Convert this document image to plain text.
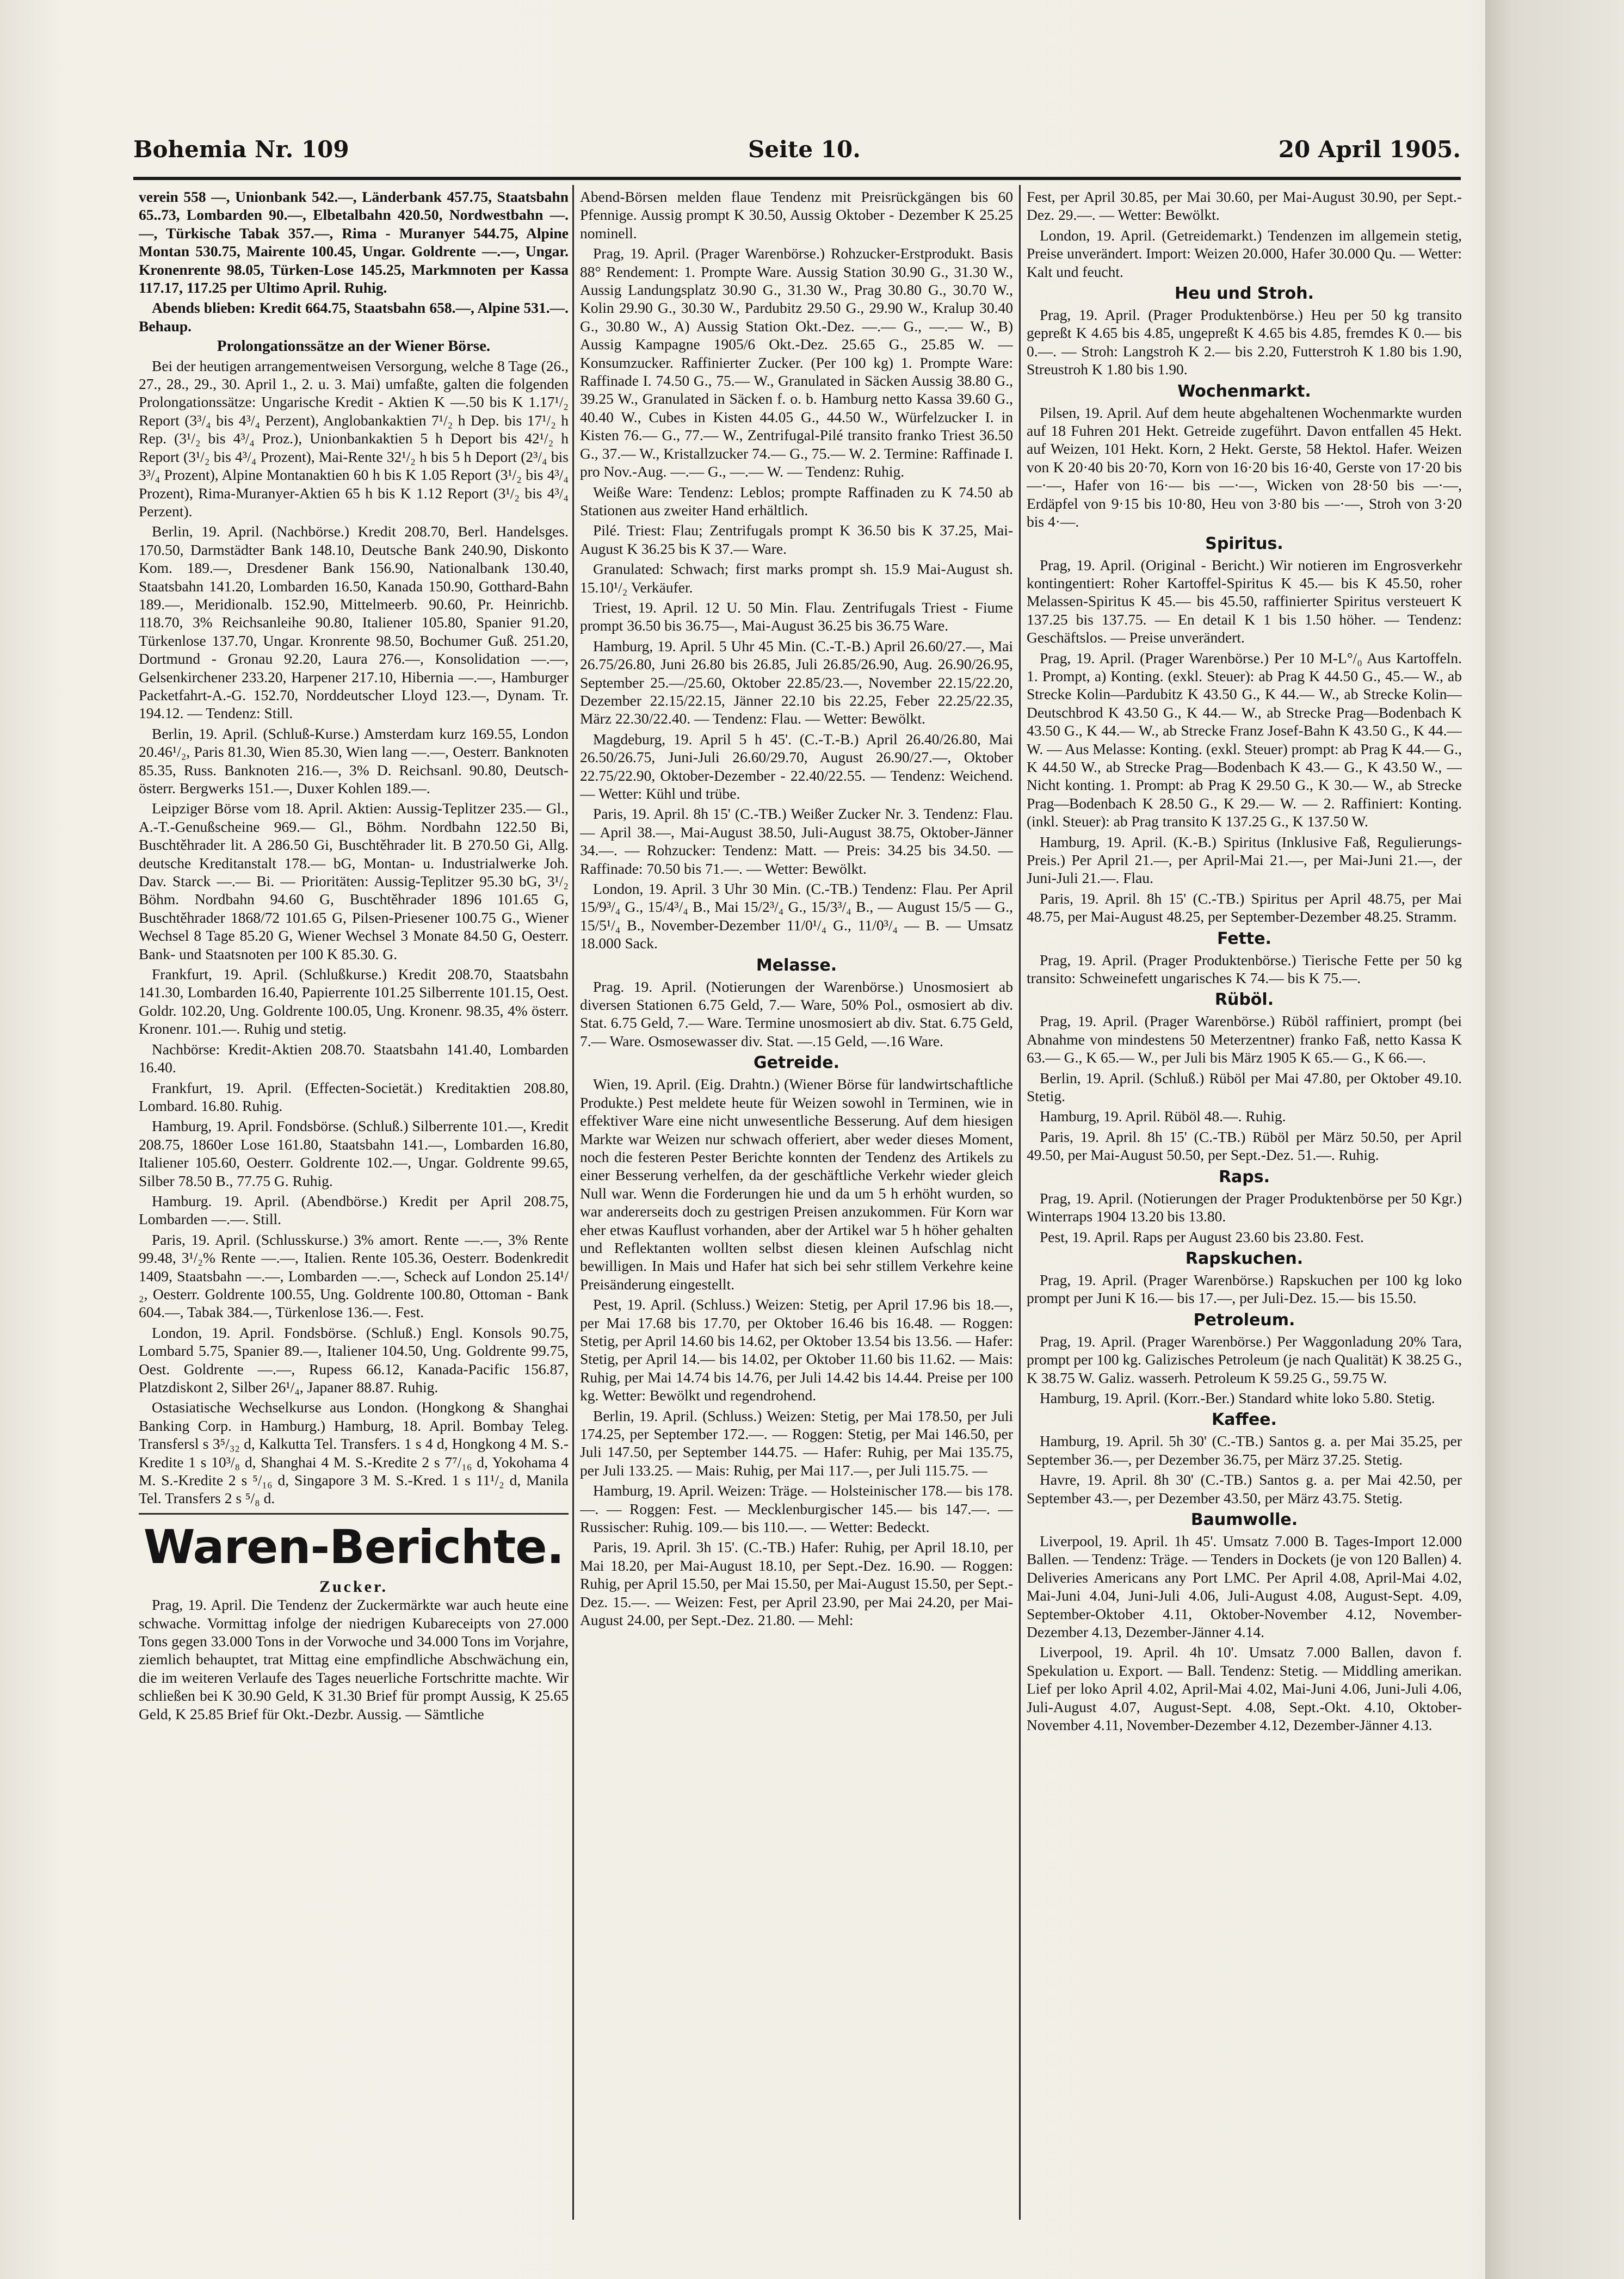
Bohemia Nr. 109	Seite 10.	20 April 1905.

verein 558 —, Unionbank 542.—, Länderbank 457.75, Staatsbahn 65..73, Lombarden 90.—, Elbetalbahn 420.50, Nordwestbahn —.—, Türkische Tabak 357.—, Rima - Muranyer 544.75, Alpine Montan 530.75, Mairente 100.45, Ungar. Goldrente —.—, Ungar. Kronenrente 98.05, Türken-Lose 145.25, Markmnoten per Kassa 117.17, 117.25 per Ultimo April. Ruhig.

Abends blieben: Kredit 664.75, Staatsbahn 658.—, Alpine 531.—. Behaup.

Prolongationssätze an der Wiener Börse.

Bei der heutigen arrangementweisen Versorgung, welche 8 Tage (26., 27., 28., 29., 30. April 1., 2. u. 3. Mai) umfaßte, galten die folgenden Prolongationssätze: Ungarische Kredit - Aktien K —.50 bis K 1.17¹/₂ Report (3³/₄ bis 4³/₄ Perzent), Anglobankaktien 7¹/₂ h Dep. bis 17¹/₂ h Rep. (3¹/₂ bis 4³/₄ Proz.), Unionbankaktien 5 h Deport bis 42¹/₂ h Report (3¹/₂ bis 4³/₄ Prozent), Mai-Rente 32¹/₂ h bis 5 h Deport (2³/₄ bis 3³/₄ Prozent), Alpine Montanaktien 60 h bis K 1.05 Report (3¹/₂ bis 4³/₄ Prozent), Rima-Muranyer-Aktien 65 h bis K 1.12 Report (3¹/₂ bis 4³/₄ Perzent).

Berlin, 19. April. (Nachbörse.) Kredit 208.70, Berl. Handelsges. 170.50, Darmstädter Bank 148.10, Deutsche Bank 240.90, Diskonto Kom. 189.—, Dresdener Bank 156.90, Nationalbank 130.40, Staatsbahn 141.20, Lombarden 16.50, Kanada 150.90, Gotthard-Bahn 189.—, Meridionalb. 152.90, Mittelmeerb. 90.60, Pr. Heinrichb. 118.70, 3% Reichsanleihe 90.80, Italiener 105.80, Spanier 91.20, Türkenlose 137.70, Ungar. Kronrente 98.50, Bochumer Guß. 251.20, Dortmund - Gronau 92.20, Laura 276.—, Konsolidation —.—, Gelsenkirchener 233.20, Harpener 217.10, Hibernia —.—, Hamburger Packetfahrt-A.-G. 152.70, Norddeutscher Lloyd 123.—, Dynam. Tr. 194.12. — Tendenz: Still.

Berlin, 19. April. (Schluß-Kurse.) Amsterdam kurz 169.55, London 20.46¹/₂, Paris 81.30, Wien 85.30, Wien lang —.—, Oesterr. Banknoten 85.35, Russ. Banknoten 216.—, 3% D. Reichsanl. 90.80, Deutsch-österr. Bergwerks 151.—, Duxer Kohlen 189.—.

Leipziger Börse vom 18. April. Aktien: Aussig-Teplitzer 235.— Gl., A.-T.-Genußscheine 969.— Gl., Böhm. Nordbahn 122.50 Bi, Buschtěhrader lit. A 286.50 Gi, Buschtěhrader lit. B 270.50 Gi, Allg. deutsche Kreditanstalt 178.— bG, Montan- u. Industrialwerke Joh. Dav. Starck —.— Bi. — Prioritäten: Aussig-Teplitzer 95.30 bG, 3¹/₂ Böhm. Nordbahn 94.60 G, Buschtěhrader 1896 101.65 G, Buschtěhrader 1868/72 101.65 G, Pilsen-Priesener 100.75 G., Wiener Wechsel 8 Tage 85.20 G, Wiener Wechsel 3 Monate 84.50 G, Oesterr. Bank- und Staatsnoten per 100 K 85.30. G.

Frankfurt, 19. April. (Schlußkurse.) Kredit 208.70, Staatsbahn 141.30, Lombarden 16.40, Papierrente 101.25 Silberrente 101.15, Oest. Goldr. 102.20, Ung. Goldrente 100.05, Ung. Kronenr. 98.35, 4% österr. Kronenr. 101.—. Ruhig und stetig.

Nachbörse: Kredit-Aktien 208.70. Staatsbahn 141.40, Lombarden 16.40.

Frankfurt, 19. April. (Effecten-Societät.) Kreditaktien 208.80, Lombard. 16.80. Ruhig.

Hamburg, 19. April. Fondsbörse. (Schluß.) Silberrente 101.—, Kredit 208.75, 1860er Lose 161.80, Staatsbahn 141.—, Lombarden 16.80, Italiener 105.60, Oesterr. Goldrente 102.—, Ungar. Goldrente 99.65, Silber 78.50 B., 77.75 G. Ruhig.

Hamburg. 19. April. (Abendbörse.) Kredit per April 208.75, Lombarden —.—. Still.

Paris, 19. April. (Schlusskurse.) 3% amort. Rente —.—, 3% Rente 99.48, 3¹/₂% Rente —.—, Italien. Rente 105.36, Oesterr. Bodenkredit 1409, Staatsbahn —.—, Lombarden —.—, Scheck auf London 25.14¹/₂, Oesterr. Goldrente 100.55, Ung. Goldrente 100.80, Ottoman - Bank 604.—, Tabak 384.—, Türkenlose 136.—. Fest.

London, 19. April. Fondsbörse. (Schluß.) Engl. Konsols 90.75, Lombard 5.75, Spanier 89.—, Italiener 104.50, Ung. Goldrente 99.75, Oest. Goldrente —.—, Rupess 66.12, Kanada-Pacific 156.87, Platzdiskont 2, Silber 26¹/₄, Japaner 88.87. Ruhig.

Ostasiatische Wechselkurse aus London. (Hongkong & Shanghai Banking Corp. in Hamburg.) Hamburg, 18. April. Bombay Teleg. Transfersl s 3⁵/₃₂ d, Kalkutta Tel. Transfers. 1 s 4 d, Hongkong 4 M. S.-Kredite 1 s 10³/₈ d, Shanghai 4 M. S.-Kredite 2 s 7⁷/₁₆ d, Yokohama 4 M. S.-Kredite 2 s ⁵/₁₆ d, Singapore 3 M. S.-Kred. 1 s 11¹/₂ d, Manila Tel. Transfers 2 s ⁵/₈ d.

Waren-Berichte.
Zucker.

Prag, 19. April. Die Tendenz der Zuckermärkte war auch heute eine schwache. Vormittag infolge der niedrigen Kubareceipts von 27.000 Tons gegen 33.000 Tons in der Vorwoche und 34.000 Tons im Vorjahre, ziemlich behauptet, trat Mittag eine empfindliche Abschwächung ein, die im weiteren Verlaufe des Tages neuerliche Fortschritte machte. Wir schließen bei K 30.90 Geld, K 31.30 Brief für prompt Aussig, K 25.65 Geld, K 25.85 Brief für Okt.-Dezbr. Aussig. — Sämtliche

Abend-Börsen melden flaue Tendenz mit Preisrückgängen bis 60 Pfennige. Aussig prompt K 30.50, Aussig Oktober - Dezember K 25.25 nominell.

Prag, 19. April. (Prager Warenbörse.) Rohzucker-Erstprodukt. Basis 88° Rendement: 1. Prompte Ware. Aussig Station 30.90 G., 31.30 W., Aussig Landungsplatz 30.90 G., 31.30 W., Prag 30.80 G., 30.70 W., Kolin 29.90 G., 30.30 W., Pardubitz 29.50 G., 29.90 W., Kralup 30.40 G., 30.80 W., A) Aussig Station Okt.-Dez. —.— G., —.— W., B) Aussig Kampagne 1905/6 Okt.-Dez. 25.65 G., 25.85 W. — Konsumzucker. Raffinierter Zucker. (Per 100 kg) 1. Prompte Ware: Raffinade I. 74.50 G., 75.— W., Granulated in Säcken Aussig 38.80 G., 39.25 W., Granulated in Säcken f. o. b. Hamburg netto Kassa 39.60 G., 40.40 W., Cubes in Kisten 44.05 G., 44.50 W., Würfelzucker I. in Kisten 76.— G., 77.— W., Zentrifugal-Pilé transito franko Triest 36.50 G., 37.— W., Kristallzucker 74.— G., 75.— W. 2. Termine: Raffinade I. pro Nov.-Aug. —.— G., —.— W. — Tendenz: Ruhig.

Weiße Ware: Tendenz: Leblos; prompte Raffinaden zu K 74.50 ab Stationen aus zweiter Hand erhältlich.

Pilé. Triest: Flau; Zentrifugals prompt K 36.50 bis K 37.25, Mai-August K 36.25 bis K 37.— Ware.

Granulated: Schwach; first marks prompt sh. 15.9 Mai-August sh. 15.10¹/₂ Verkäufer.

Triest, 19. April. 12 U. 50 Min. Flau. Zentrifugals Triest - Fiume prompt 36.50 bis 36.75—, Mai-August 36.25 bis 36.75 Ware.

Hamburg, 19. April. 5 Uhr 45 Min. (C.-T.-B.) April 26.60/27.—, Mai 26.75/26.80, Juni 26.80 bis 26.85, Juli 26.85/26.90, Aug. 26.90/26.95, September 25.—/25.60, Oktober 22.85/23.—, November 22.15/22.20, Dezember 22.15/22.15, Jänner 22.10 bis 22.25, Feber 22.25/22.35, März 22.30/22.40. — Tendenz: Flau. — Wetter: Bewölkt.

Magdeburg, 19. April 5 h 45'. (C.-T.-B.) April 26.40/26.80, Mai 26.50/26.75, Juni-Juli 26.60/29.70, August 26.90/27.—, Oktober 22.75/22.90, Oktober-Dezember - 22.40/22.55. — Tendenz: Weichend. — Wetter: Kühl und trübe.

Paris, 19. April. 8h 15' (C.-TB.) Weißer Zucker Nr. 3. Tendenz: Flau. — April 38.—, Mai-August 38.50, Juli-August 38.75, Oktober-Jänner 34.—. — Rohzucker: Tendenz: Matt. — Preis: 34.25 bis 34.50. — Raffinade: 70.50 bis 71.—. — Wetter: Bewölkt.

London, 19. April. 3 Uhr 30 Min. (C.-TB.) Tendenz: Flau. Per April 15/9³/₄ G., 15/4³/₄ B., Mai 15/2³/₄ G., 15/3³/₄ B., — August 15/5 — G., 15/5¹/₄ B., November-Dezember 11/0¹/₄ G., 11/0³/₄ — B. — Umsatz 18.000 Sack.

Melasse.

Prag. 19. April. (Notierungen der Warenbörse.) Unosmosiert ab diversen Stationen 6.75 Geld, 7.— Ware, 50% Pol., osmosiert ab div. Stat. 6.75 Geld, 7.— Ware. Termine unosmosiert ab div. Stat. 6.75 Geld, 7.— Ware. Osmosewasser div. Stat. —.15 Geld, —.16 Ware.

Getreide.

Wien, 19. April. (Eig. Drahtn.) (Wiener Börse für landwirtschaftliche Produkte.) Pest meldete heute für Weizen sowohl in Terminen, wie in effektiver Ware eine nicht unwesentliche Besserung. Auf dem hiesigen Markte war Weizen nur schwach offeriert, aber weder dieses Moment, noch die festeren Pester Berichte konnten der Tendenz des Artikels zu einer Besserung verhelfen, da der geschäftliche Verkehr wieder gleich Null war. Wenn die Forderungen hie und da um 5 h erhöht wurden, so war andererseits doch zu gestrigen Preisen anzukommen. Für Korn war eher etwas Kauflust vorhanden, aber der Artikel war 5 h höher gehalten und Reflektanten wollten selbst diesen kleinen Aufschlag nicht bewilligen. In Mais und Hafer hat sich bei sehr stillem Verkehre keine Preisänderung eingestellt.

Pest, 19. April. (Schluss.) Weizen: Stetig, per April 17.96 bis 18.—, per Mai 17.68 bis 17.70, per Oktober 16.46 bis 16.48. — Roggen: Stetig, per April 14.60 bis 14.62, per Oktober 13.54 bis 13.56. — Hafer: Stetig, per April 14.— bis 14.02, per Oktober 11.60 bis 11.62. — Mais: Ruhig, per Mai 14.74 bis 14.76, per Juli 14.42 bis 14.44. Preise per 100 kg. Wetter: Bewölkt und regendrohend.

Berlin, 19. April. (Schluss.) Weizen: Stetig, per Mai 178.50, per Juli 174.25, per September 172.—. — Roggen: Stetig, per Mai 146.50, per Juli 147.50, per September 144.75. — Hafer: Ruhig, per Mai 135.75, per Juli 133.25. — Mais: Ruhig, per Mai 117.—, per Juli 115.75. —

Hamburg, 19. April. Weizen: Träge. — Holsteinischer 178.— bis 178.—. — Roggen: Fest. — Mecklenburgischer 145.— bis 147.—. — Russischer: Ruhig. 109.— bis 110.—. — Wetter: Bedeckt.

Paris, 19. April. 3h 15'. (C.-TB.) Hafer: Ruhig, per April 18.10, per Mai 18.20, per Mai-August 18.10, per Sept.-Dez. 16.90. — Roggen: Ruhig, per April 15.50, per Mai 15.50, per Mai-August 15.50, per Sept.-Dez. 15.—. — Weizen: Fest, per April 23.90, per Mai 24.20, per Mai-August 24.00, per Sept.-Dez. 21.80. — Mehl:

Fest, per April 30.85, per Mai 30.60, per Mai-August 30.90, per Sept.-Dez. 29.—. — Wetter: Bewölkt.

London, 19. April. (Getreidemarkt.) Tendenzen im allgemein stetig, Preise unverändert. Import: Weizen 20.000, Hafer 30.000 Qu. — Wetter: Kalt und feucht.

Heu und Stroh.

Prag, 19. April. (Prager Produktenbörse.) Heu per 50 kg transito gepreßt K 4.65 bis 4.85, ungepreßt K 4.65 bis 4.85, fremdes K 0.— bis 0.—. — Stroh: Langstroh K 2.— bis 2.20, Futterstroh K 1.80 bis 1.90, Streustroh K 1.80 bis 1.90.

Wochenmarkt.

Pilsen, 19. April. Auf dem heute abgehaltenen Wochenmarkte wurden auf 18 Fuhren 201 Hekt. Getreide zugeführt. Davon entfallen 45 Hekt. auf Weizen, 101 Hekt. Korn, 2 Hekt. Gerste, 58 Hektol. Hafer. Weizen von K 20·40 bis 20·70, Korn von 16·20 bis 16·40, Gerste von 17·20 bis —·—, Hafer von 16·— bis —·—, Wicken von 28·50 bis —·—, Erdäpfel von 9·15 bis 10·80, Heu von 3·80 bis —·—, Stroh von 3·20 bis 4·—.

Spiritus.

Prag, 19. April. (Original - Bericht.) Wir notieren im Engrosverkehr kontingentiert: Roher Kartoffel-Spiritus K 45.— bis K 45.50, roher Melassen-Spiritus K 45.— bis 45.50, raffinierter Spiritus versteuert K 137.25 bis 137.75. — En detail K 1 bis 1.50 höher. — Tendenz: Geschäftslos. — Preise unverändert.

Prag, 19. April. (Prager Warenbörse.) Per 10 M-L°/₀ Aus Kartoffeln. 1. Prompt, a) Konting. (exkl. Steuer): ab Prag K 44.50 G., 45.— W., ab Strecke Kolin—Pardubitz K 43.50 G., K 44.— W., ab Strecke Kolin—Deutschbrod K 43.50 G., K 44.— W., ab Strecke Prag—Bodenbach K 43.50 G., K 44.— W., ab Strecke Franz Josef-Bahn K 43.50 G., K 44.— W. — Aus Melasse: Konting. (exkl. Steuer) prompt: ab Prag K 44.— G., K 44.50 W., ab Strecke Prag—Bodenbach K 43.— G., K 43.50 W., — Nicht konting. 1. Prompt: ab Prag K 29.50 G., K 30.— W., ab Strecke Prag—Bodenbach K 28.50 G., K 29.— W. — 2. Raffiniert: Konting. (inkl. Steuer): ab Prag transito K 137.25 G., K 137.50 W.

Hamburg, 19. April. (K.-B.) Spiritus (Inklusive Faß, Regulierungs-Preis.) Per April 21.—, per April-Mai 21.—, per Mai-Juni 21.—, der Juni-Juli 21.—. Flau.

Paris, 19. April. 8h 15' (C.-TB.) Spiritus per April 48.75, per Mai 48.75, per Mai-August 48.25, per September-Dezember 48.25. Stramm.

Fette.

Prag, 19. April. (Prager Produktenbörse.) Tierische Fette per 50 kg transito: Schweinefett ungarisches K 74.— bis K 75.—.

Rüböl.

Prag, 19. April. (Prager Warenbörse.) Rüböl raffiniert, prompt (bei Abnahme von mindestens 50 Meterzentner) franko Faß, netto Kassa K 63.— G., K 65.— W., per Juli bis März 1905 K 65.— G., K 66.—.

Berlin, 19. April. (Schluß.) Rüböl per Mai 47.80, per Oktober 49.10. Stetig.

Hamburg, 19. April. Rüböl 48.—. Ruhig.

Paris, 19. April. 8h 15' (C.-TB.) Rüböl per März 50.50, per April 49.50, per Mai-August 50.50, per Sept.-Dez. 51.—. Ruhig.

Raps.

Prag, 19. April. (Notierungen der Prager Produktenbörse per 50 Kgr.) Winterraps 1904 13.20 bis 13.80.

Pest, 19. April. Raps per August 23.60 bis 23.80. Fest.

Rapskuchen.

Prag, 19. April. (Prager Warenbörse.) Rapskuchen per 100 kg loko prompt per Juni K 16.— bis 17.—, per Juli-Dez. 15.— bis 15.50.

Petroleum.

Prag, 19. April. (Prager Warenbörse.) Per Waggonladung 20% Tara, prompt per 100 kg. Galizisches Petroleum (je nach Qualität) K 38.25 G., K 38.75 W. Galiz. wasserh. Petroleum K 59.25 G., 59.75 W.

Hamburg, 19. April. (Korr.-Ber.) Standard white loko 5.80. Stetig.

Kaffee.

Hamburg, 19. April. 5h 30' (C.-TB.) Santos g. a. per Mai 35.25, per September 36.—, per Dezember 36.75, per März 37.25. Stetig.

Havre, 19. April. 8h 30' (C.-TB.) Santos g. a. per Mai 42.50, per September 43.—, per Dezember 43.50, per März 43.75. Stetig.

Baumwolle.

Liverpool, 19. April. 1h 45'. Umsatz 7.000 B. Tages-Import 12.000 Ballen. — Tendenz: Träge. — Tenders in Dockets (je von 120 Ballen) 4. Deliveries Americans any Port LMC. Per April 4.08, April-Mai 4.02, Mai-Juni 4.04, Juni-Juli 4.06, Juli-August 4.08, August-Sept. 4.09, September-Oktober 4.11, Oktober-November 4.12, November-Dezember 4.13, Dezember-Jänner 4.14.

Liverpool, 19. April. 4h 10'. Umsatz 7.000 Ballen, davon f. Spekulation u. Export. — Ball. Tendenz: Stetig. — Middling amerikan. Lief per loko April 4.02, April-Mai 4.02, Mai-Juni 4.06, Juni-Juli 4.06, Juli-August 4.07, August-Sept. 4.08, Sept.-Okt. 4.10, Oktober-November 4.11, November-Dezember 4.12, Dezember-Jänner 4.13.
